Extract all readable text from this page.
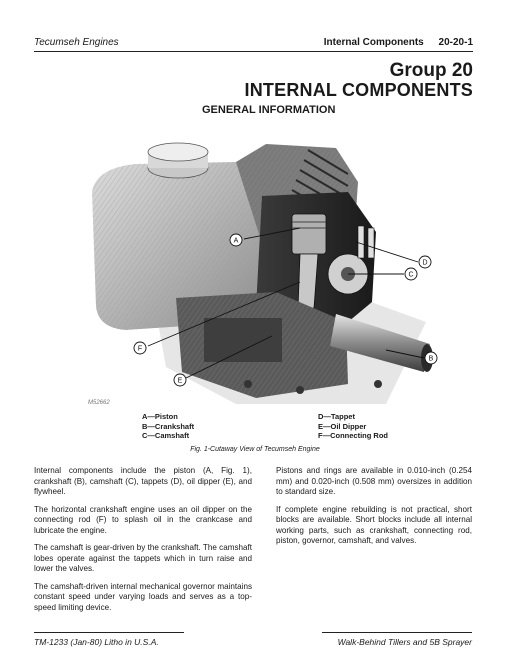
Tecumseh Engines	Internal Components 20-20-1
Group 20
INTERNAL COMPONENTS
GENERAL INFORMATION
A
B
C
D
E
F
M52662
A—Piston
B—Crankshaft
C—Camshaft
D—Tappet
E—Oil Dipper
F—Connecting Rod
Fig. 1-Cutaway View of Tecumseh Engine

Internal components include the piston (A, Fig. 1), crankshaft (B), camshaft (C), tappets (D), oil dipper (E), and flywheel.

The horizontal crankshaft engine uses an oil dipper on the connecting rod (F) to splash oil in the crankcase and lubricate the engine.

The camshaft is gear-driven by the crankshaft. The camshaft lobes operate against the tappets which in turn raise and lower the valves.

The camshaft-driven internal mechanical governor maintains constant speed under varying loads and serves as a top-speed limiting device.

Pistons and rings are available in 0.010-inch (0.254 mm) and 0.020-inch (0.508 mm) oversizes in addition to standard size.

If complete engine rebuilding is not practical, short blocks are available. Short blocks include all internal working parts, such as crankshaft, connecting rod, piston, governor, camshaft, and valves.

TM-1233 (Jan-80) Litho in U.S.A.	Walk-Behind Tillers and 5B Sprayer
